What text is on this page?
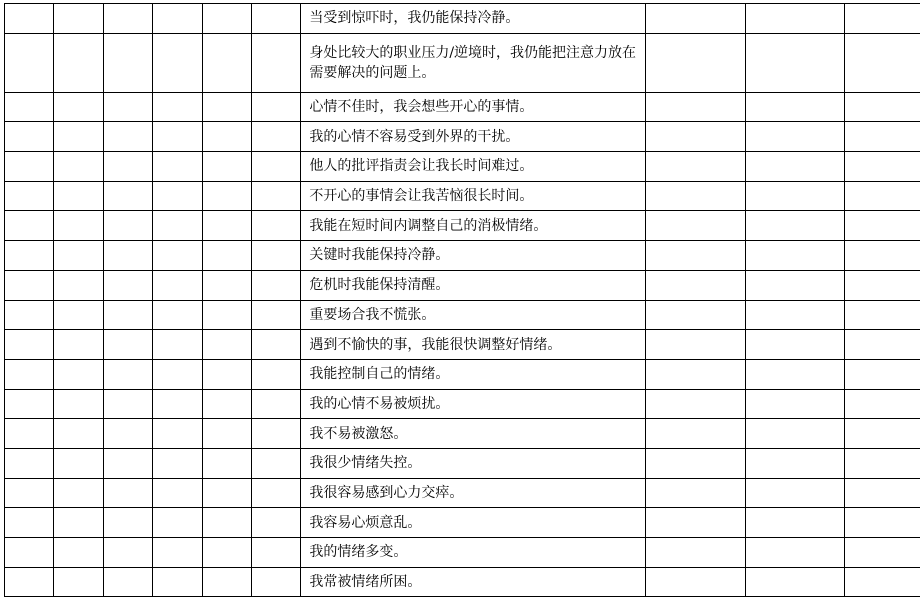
						当受到惊吓时，我仍能保持冷静。			
						身处比较大的职业压力/逆境时，我仍能把注意力放在需要解决的问题上。			
						心情不佳时，我会想些开心的事情。			
						我的心情不容易受到外界的干扰。			
						他人的批评指责会让我长时间难过。			
						不开心的事情会让我苦恼很长时间。			
						我能在短时间内调整自己的消极情绪。			
						关键时我能保持冷静。			
						危机时我能保持清醒。			
						重要场合我不慌张。			
						遇到不愉快的事，我能很快调整好情绪。			
						我能控制自己的情绪。			
						我的心情不易被烦扰。			
						我不易被激怒。			
						我很少情绪失控。			
						我很容易感到心力交瘁。			
						我容易心烦意乱。			
						我的情绪多变。			
						我常被情绪所困。			
